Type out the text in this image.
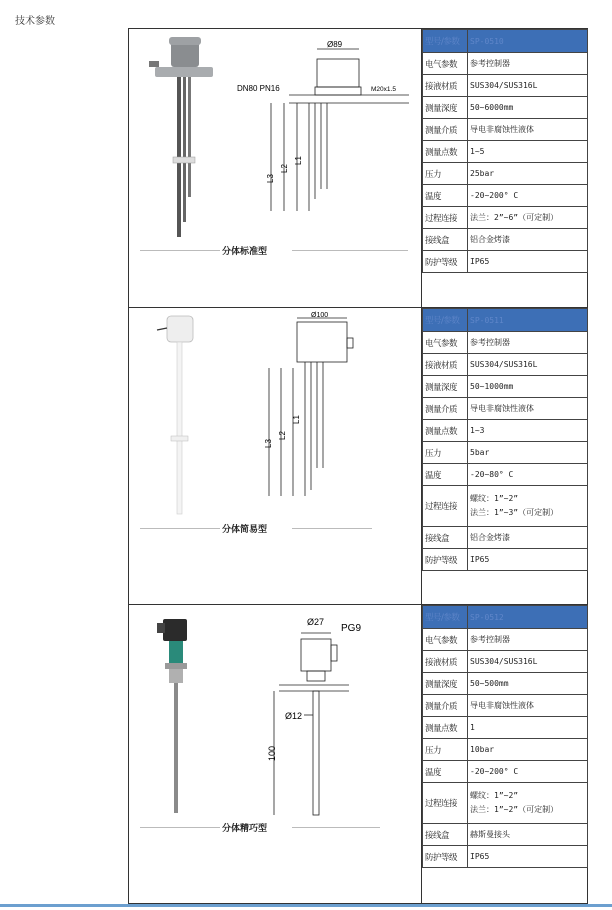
技术参数
Ø89
DN80 PN16	M20x1.5
L1
L2
L3
分体标准型
型号/参数	SP-0510
电气参数	参考控制器
接液材质	SUS304/SUS316L
测量深度	50~6000mm
测量介质	导电非腐蚀性液体
测量点数	1~5
压力	25bar
温度	-20~200° C
过程连接	法兰：2”~6”（可定制）
接线盒	铝合金烤漆
防护等级	IP65
Ø100
L1
L2
L3
分体简易型
型号/参数	SP-0511
电气参数	参考控制器
接液材质	SUS304/SUS316L
测量深度	50~1000mm
测量介质	导电非腐蚀性液体
测量点数	1~3
压力	5bar
温度	-20~80° C
过程连接	螺纹：1”~2”
法兰：1”~3”（可定制）

接线盒	铝合金烤漆
防护等级	IP65
Ø27
PG9
Ø12
100
分体精巧型
型号/参数	SP-0512
电气参数	参考控制器
接液材质	SUS304/SUS316L
测量深度	50~500mm
测量介质	导电非腐蚀性液体
测量点数	1
压力	10bar
温度	-20~200° C
过程连接	螺纹：1”~2”
法兰：1”~2”（可定制）

接线盒	赫斯曼接头
防护等级	IP65
